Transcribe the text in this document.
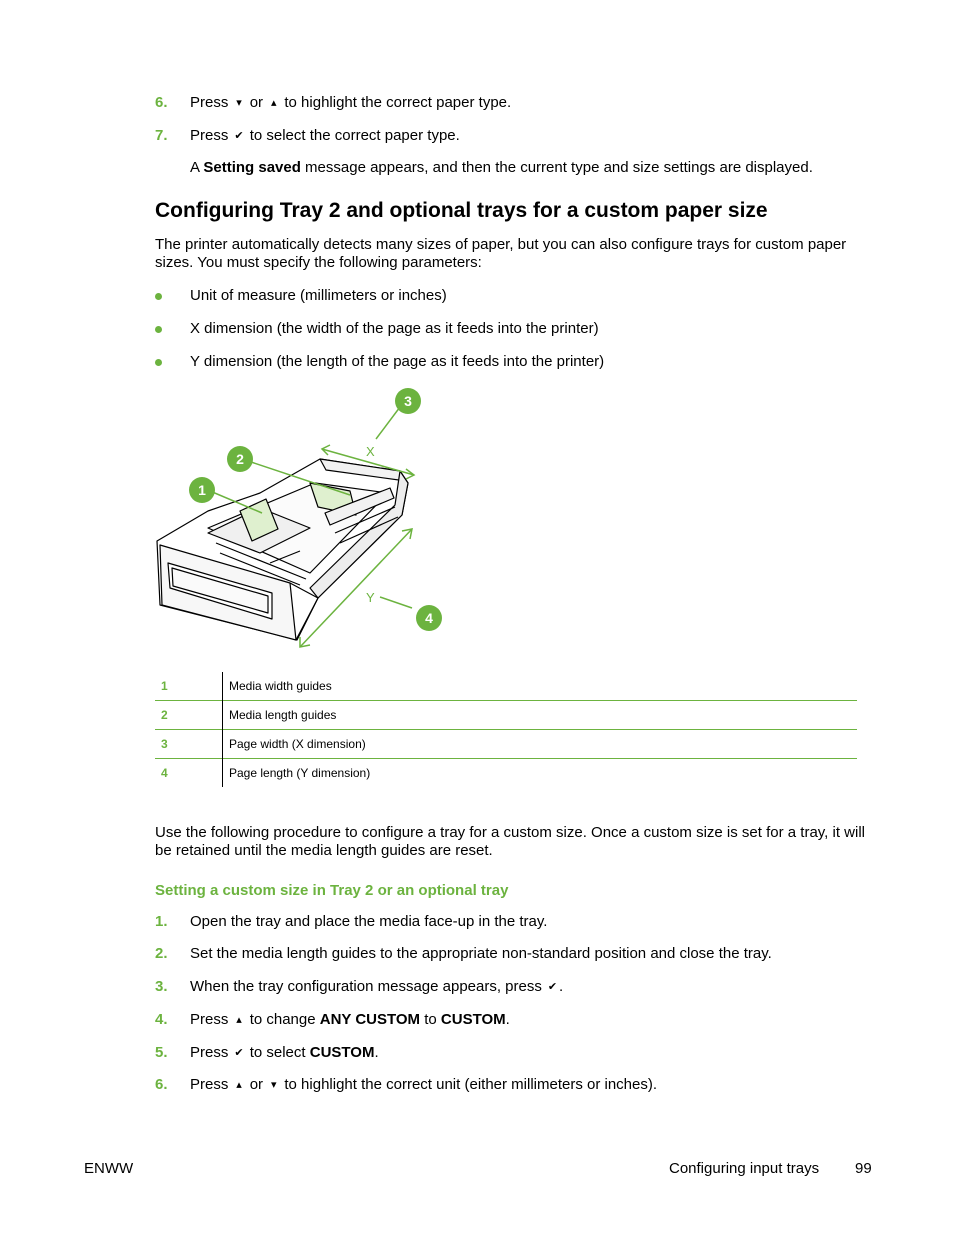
6.	Press ▾ or ▴ to highlight the correct paper type.
7.	Press ✔ to select the correct paper type.
A Setting saved message appears, and then the current type and size settings are displayed.
Configuring Tray 2 and optional trays for a custom paper size
The printer automatically detects many sizes of paper, but you can also configure trays for custom paper sizes. You must specify the following parameters:
Unit of measure (millimeters or inches)
X dimension (the width of the page as it feeds into the printer)
Y dimension (the length of the page as it feeds into the printer)
X
Y
1
2
3
4
1	Media width guides
2	Media length guides
3	Page width (X dimension)
4	Page length (Y dimension)
Use the following procedure to configure a tray for a custom size. Once a custom size is set for a tray, it will be retained until the media length guides are reset.
Setting a custom size in Tray 2 or an optional tray
1.	Open the tray and place the media face-up in the tray.
2.	Set the media length guides to the appropriate non-standard position and close the tray.
3.	When the tray configuration message appears, press ✔ .
4.	Press ▴ to change ANY CUSTOM to CUSTOM.
5.	Press ✔ to select CUSTOM.
6.	Press ▴ or ▾ to highlight the correct unit (either millimeters or inches).
ENWW	Configuring input trays 99
